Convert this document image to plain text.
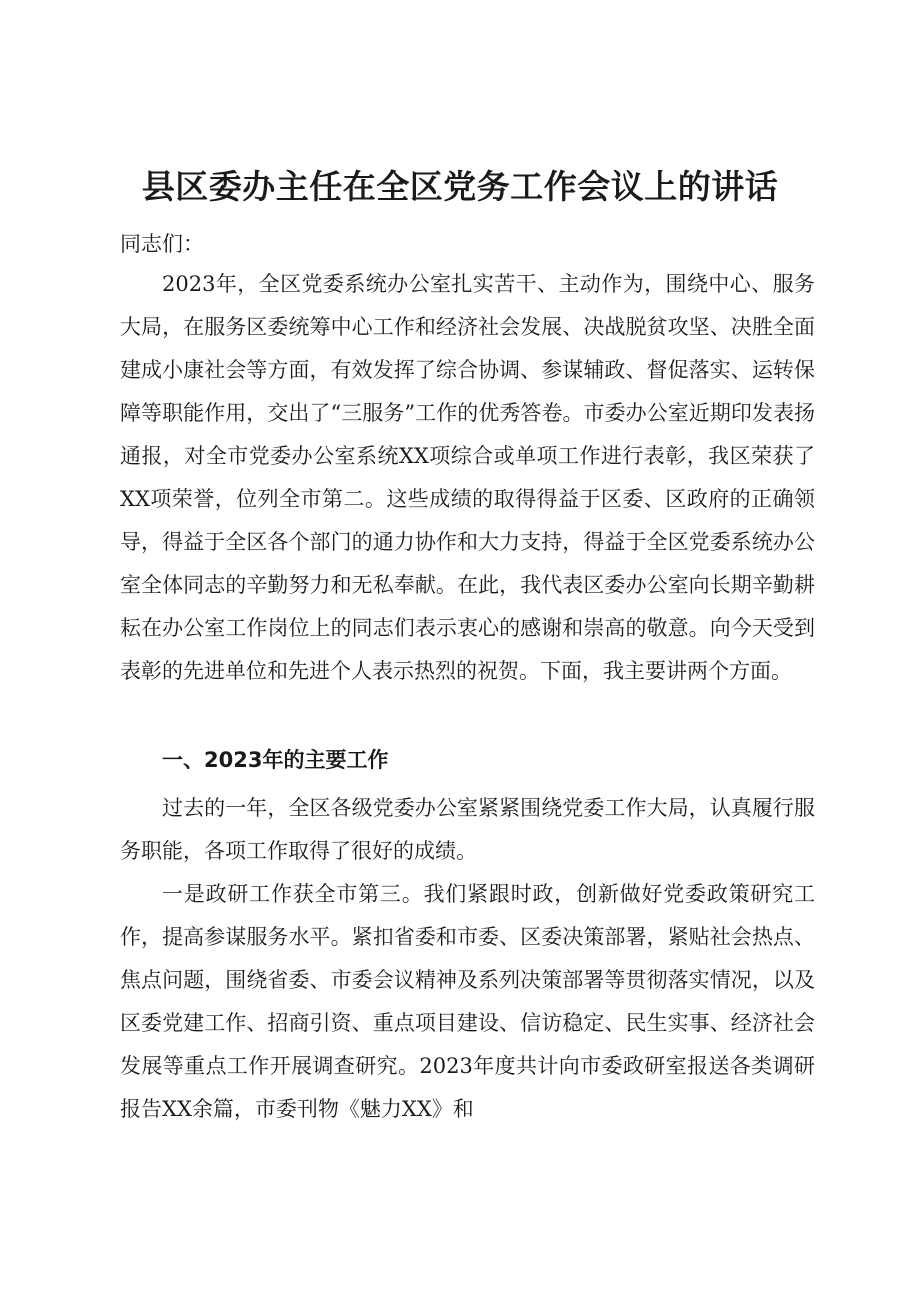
县区委办主任在全区党务工作会议上的讲话

同志们：

2023年，全区党委系统办公室扎实苦干、主动作为，围绕中心、服务大局，在服务区委统筹中心工作和经济社会发展、决战脱贫攻坚、决胜全面建成小康社会等方面，有效发挥了综合协调、参谋辅政、督促落实、运转保障等职能作用，交出了“三服务”工作的优秀答卷。市委办公室近期印发表扬通报，对全市党委办公室系统XX项综合或单项工作进行表彰，我区荣获了XX项荣誉，位列全市第二。这些成绩的取得得益于区委、区政府的正确领导，得益于全区各个部门的通力协作和大力支持，得益于全区党委系统办公室全体同志的辛勤努力和无私奉献。在此，我代表区委办公室向长期辛勤耕耘在办公室工作岗位上的同志们表示衷心的感谢和崇高的敬意。向今天受到表彰的先进单位和先进个人表示热烈的祝贺。下面，我主要讲两个方面。

一、2023年的主要工作

过去的一年，全区各级党委办公室紧紧围绕党委工作大局，认真履行服务职能，各项工作取得了很好的成绩。

一是政研工作获全市第三。我们紧跟时政，创新做好党委政策研究工作，提高参谋服务水平。紧扣省委和市委、区委决策部署，紧贴社会热点、焦点问题，围绕省委、市委会议精神及系列决策部署等贯彻落实情况，以及区委党建工作、招商引资、重点项目建设、信访稳定、民生实事、经济社会发展等重点工作开展调查研究。2023年度共计向市委政研室报送各类调研报告XX余篇，市委刊物《魅力XX》和
